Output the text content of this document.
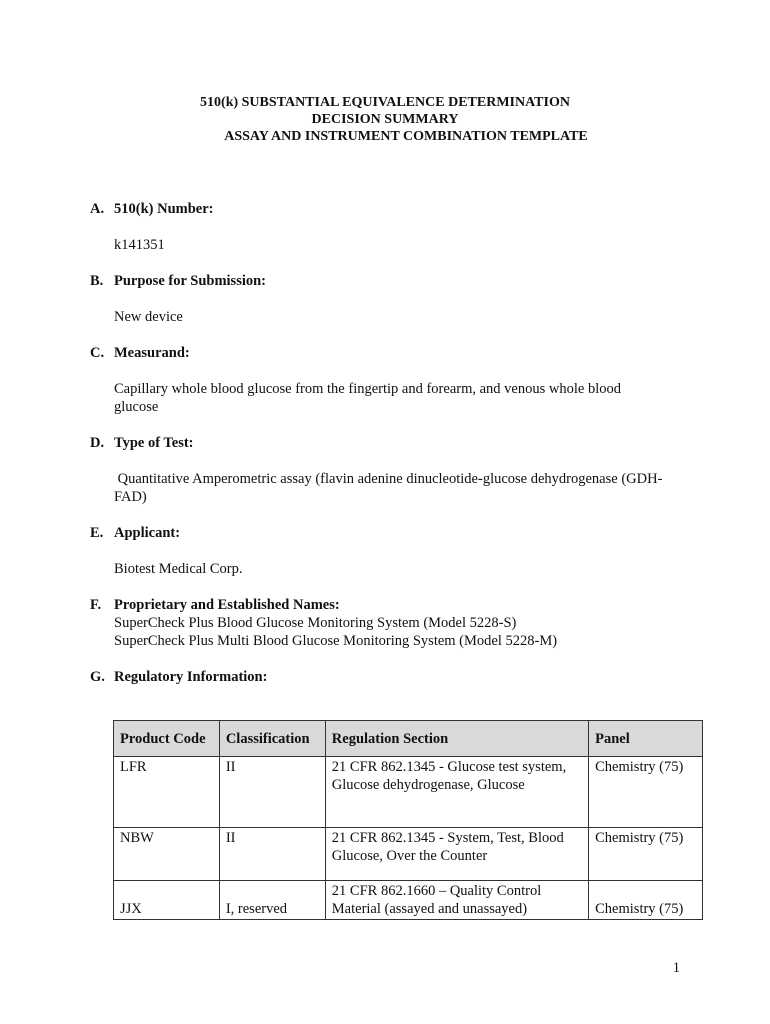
510(k) SUBSTANTIAL EQUIVALENCE DETERMINATION
DECISION SUMMARY
ASSAY AND INSTRUMENT COMBINATION TEMPLATE
A. 510(k) Number:
k141351
B. Purpose for Submission:
New device
C. Measurand:
Capillary whole blood glucose from the fingertip and forearm, and venous whole blood
glucose
D. Type of Test:
Quantitative Amperometric assay (flavin adenine dinucleotide-glucose dehydrogenase (GDH-
FAD)
E. Applicant:
Biotest Medical Corp.
F. Proprietary and Established Names:
SuperCheck Plus Blood Glucose Monitoring System (Model 5228-S)
SuperCheck Plus Multi Blood Glucose Monitoring System (Model 5228-M)
G. Regulatory Information:
Product Code	Classification	Regulation Section	Panel
LFR	II	21 CFR 862.1345 - Glucose test system,
Glucose dehydrogenase, Glucose	Chemistry (75)
NBW	II	21 CFR 862.1345 - System, Test, Blood
Glucose, Over the Counter	Chemistry (75)
JJX	I, reserved	21 CFR 862.1660 – Quality Control
Material (assayed and unassayed)	Chemistry (75)
1
